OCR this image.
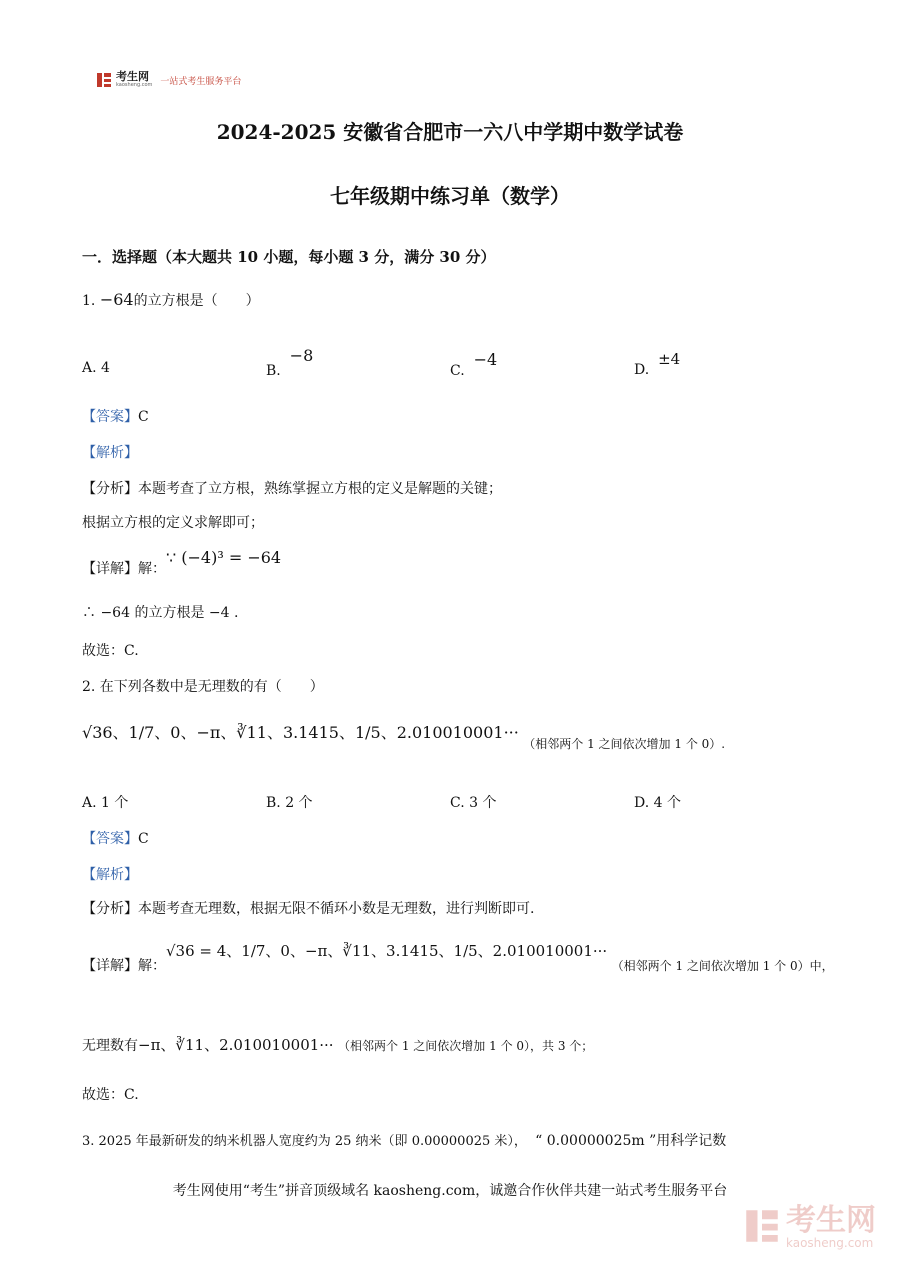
考生网
kaosheng.com 一站式考生服务平台
2024-2025 安徽省合肥市一六八中学期中数学试卷
七年级期中练习单（数学）
一．选择题（本大题共 10 小题，每小题 3 分，满分 30 分）
1. −64的立方根是（　　）
A. 4	B.  −8
C.  −4
D.  ±4
【答案】C
【解析】
【分析】本题考查了立方根，熟练掌握立方根的定义是解题的关键；
根据立方根的定义求解即可；
【详解】解：∵ (−4)³ = −64
∴ −64 的立方根是 −4 .
故选：C.
2. 在下列各数中是无理数的有（　　）
√36、1/7、0、−π、∛11、3.1415、1/5、2.010010001··· （相邻两个 1 之间依次增加 1 个 0）.
A. 1 个	B. 2 个	C. 3 个	D. 4 个
【答案】C
【解析】
【分析】本题考查无理数，根据无限不循环小数是无理数，进行判断即可.
【详解】解：√36 = 4、1/7、0、−π、∛11、3.1415、1/5、2.010010001··· （相邻两个 1 之间依次增加 1 个 0）中，
无理数有−π、∛11、2.010010001··· （相邻两个 1 之间依次增加 1 个 0），共 3 个；
故选：C.
3. 2025 年最新研发的纳米机器人宽度约为 25 纳米（即 0.00000025 米）， “ 0.00000025m ”用科学记数
考生网使用“考生”拼音顶级域名 kaosheng.com，诚邀合作伙伴共建一站式考生服务平台
考生网
kaosheng.com
